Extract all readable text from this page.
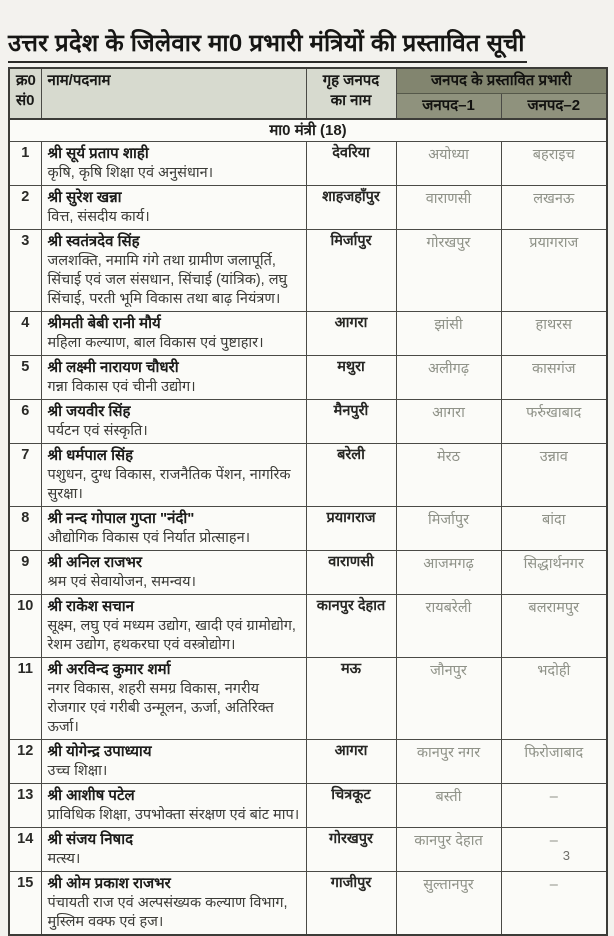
उत्तर प्रदेश के जिलेवार मा0 प्रभारी मंत्रियों की प्रस्तावित सूची
क्र0
सं0
	नाम/पदनाम	गृह जनपद
का नाम
	जनपद के प्रस्तावित प्रभारी
			जनपद–1	जनपद–2
मा0 मंत्री (18)				
1	श्री सूर्य प्रताप शाही
कृषि, कृषि शिक्षा एवं अनुसंधान।	देवरिया	अयोध्या	बहराइच
2	श्री सुरेश खन्ना
वित्त, संसदीय कार्य।	शाहजहाँपुर	वाराणसी	लखनऊ
3	श्री स्वतंत्रदेव सिंह
जलशक्ति, नमामि गंगे तथा ग्रामीण जलापूर्ति, सिंचाई एवं जल संसधान, सिंचाई (यांत्रिक), लघु सिंचाई, परती भूमि विकास तथा बाढ़ नियंत्रण।	मिर्जापुर	गोरखपुर	प्रयागराज
4	श्रीमती बेबी रानी मौर्य
महिला कल्याण, बाल विकास एवं पुष्टाहार।	आगरा	झांसी	हाथरस
5	श्री लक्ष्मी नारायण चौधरी
गन्ना विकास एवं चीनी उद्योग।	मथुरा	अलीगढ़	कासगंज
6	श्री जयवीर सिंह
पर्यटन एवं संस्कृति।	मैनपुरी	आगरा	फर्रुखाबाद
7	श्री धर्मपाल सिंह
पशुधन, दुग्ध विकास, राजनैतिक पेंशन, नागरिक सुरक्षा।	बरेली	मेरठ	उन्नाव
8	श्री नन्द गोपाल गुप्ता "नंदी"
औद्योगिक विकास एवं निर्यात प्रोत्साहन।	प्रयागराज	मिर्जापुर	बांदा
9	श्री अनिल राजभर
श्रम एवं सेवायोजन, समन्वय।	वाराणसी	आजमगढ़	सिद्धार्थनगर
10	श्री राकेश सचान
सूक्ष्म, लघु एवं मध्यम उद्योग, खादी एवं ग्रामोद्योग, रेशम उद्योग, हथकरघा एवं वस्त्रोद्योग।	कानपुर देहात	रायबरेली	बलरामपुर
11	श्री अरविन्द कुमार शर्मा
नगर विकास, शहरी समग्र विकास, नगरीय रोजगार एवं गरीबी उन्मूलन, ऊर्जा, अतिरिक्त ऊर्जा।	मऊ	जौनपुर	भदोही
12	श्री योगेन्द्र उपाध्याय
उच्च शिक्षा।	आगरा	कानपुर नगर	फिरोजाबाद
13	श्री आशीष पटेल
प्राविधिक शिक्षा, उपभोक्ता संरक्षण एवं बांट माप।	चित्रकूट	बस्ती	–
14	श्री संजय निषाद
मत्स्य।	गोरखपुर	कानपुर देहात	–
15	श्री ओम प्रकाश राजभर
पंचायती राज एवं अल्पसंख्यक कल्याण विभाग, मुस्लिम वक्फ एवं हज।	गाजीपुर	सुल्तानपुर	–
3
